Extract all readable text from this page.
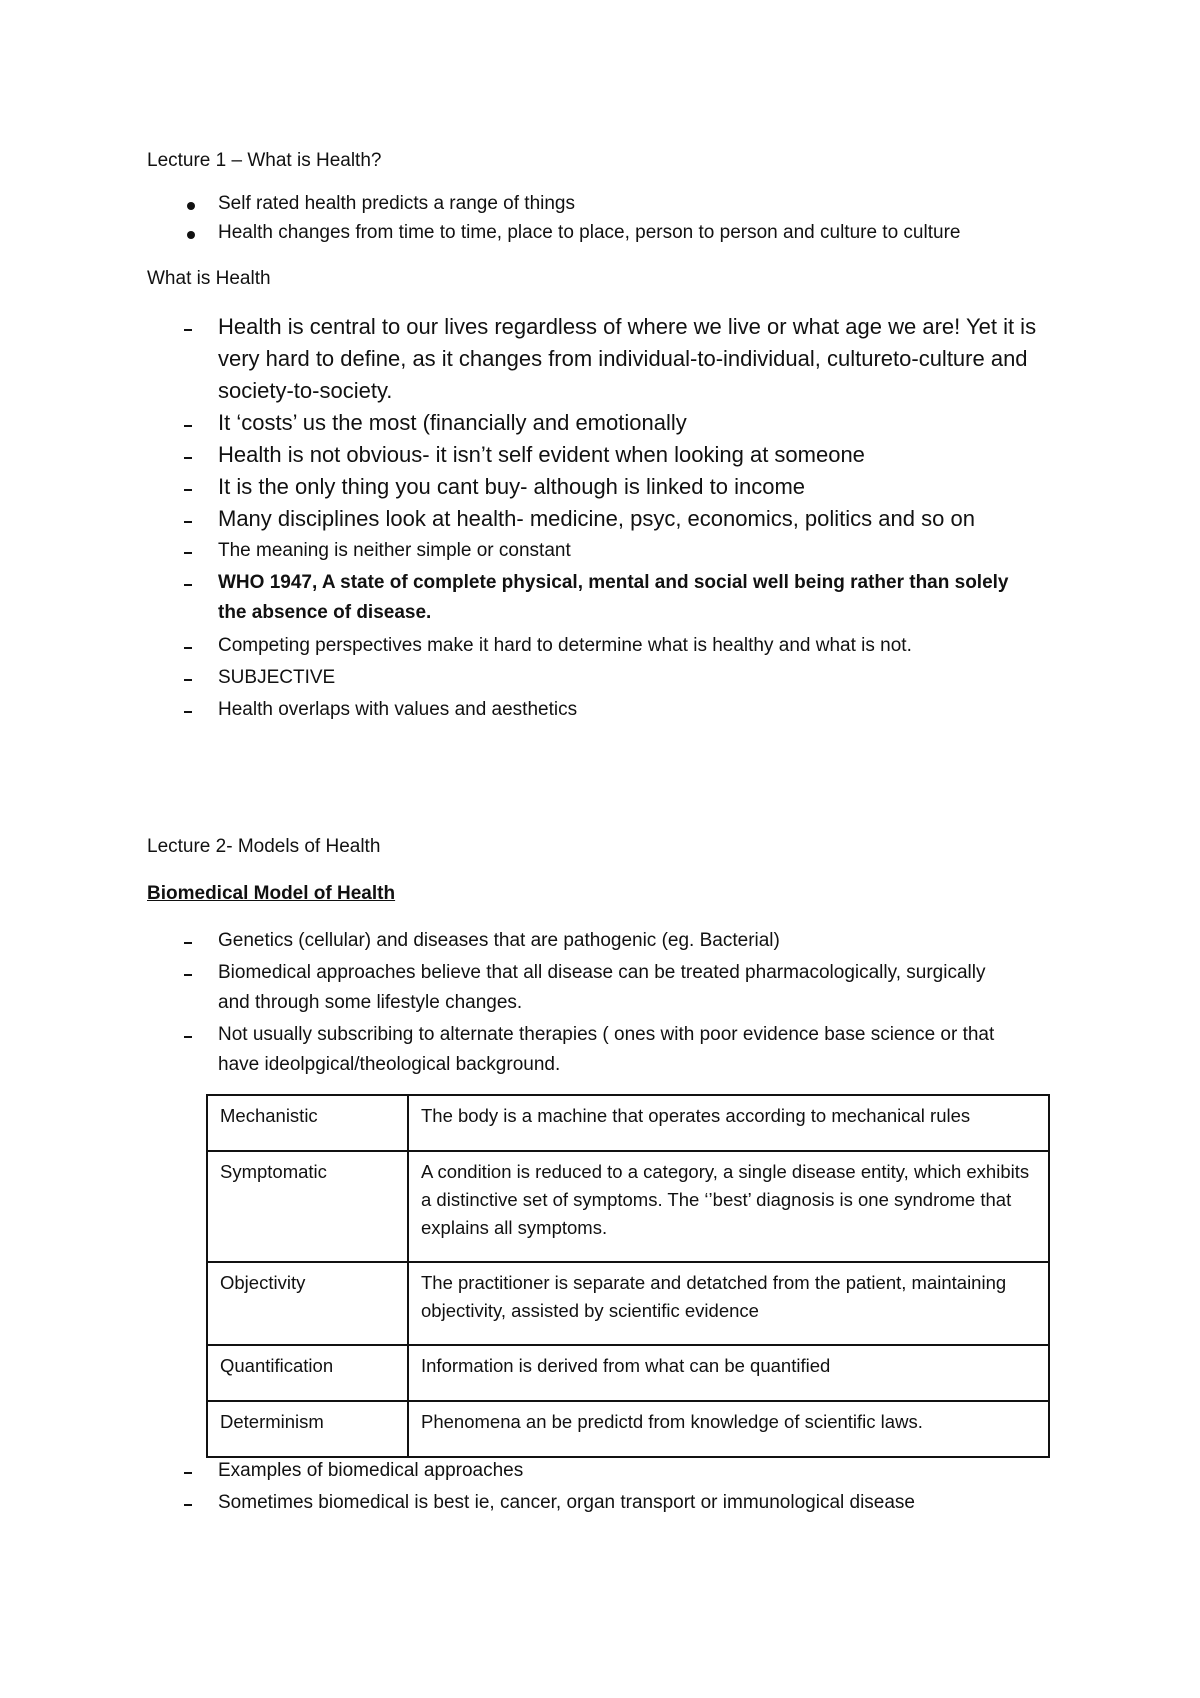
Lecture 1 – What is Health?
Self rated health predicts a range of things
Health changes from time to time, place to place, person to person and culture to culture
What is Health
Health is central to our lives regardless of where we live or what age we are! Yet it is
very hard to define, as it changes from individual-to-individual, cultureto-culture and
society-to-society.
It ‘costs’ us the most (financially and emotionally
Health is not obvious- it isn’t self evident when looking at someone
It is the only thing you cant buy- although is linked to income
Many disciplines look at health- medicine, psyc, economics, politics and so on
The meaning is neither simple or constant
WHO 1947, A state of complete physical, mental and social well being rather than solely
the absence of disease.
Competing perspectives make it hard to determine what is healthy and what is not.
SUBJECTIVE
Health overlaps with values and aesthetics
Lecture 2- Models of Health
Biomedical Model of Health
Genetics (cellular) and diseases that are pathogenic (eg. Bacterial)
Biomedical approaches believe that all disease can be treated pharmacologically, surgically
and through some lifestyle changes.
Not usually subscribing to alternate therapies ( ones with poor evidence base science or that
have ideolpgical/theological background.
Mechanistic	The body is a machine that operates according to mechanical rules
Symptomatic	A condition is reduced to a category, a single disease entity, which exhibits a distinctive set of symptoms. The ‘’best’ diagnosis is one syndrome that explains all symptoms.
Objectivity	The practitioner is separate and detatched from the patient, maintaining objectivity, assisted by scientific evidence
Quantification	Information is derived from what can be quantified
Determinism	Phenomena an be predictd from knowledge of scientific laws.
Examples of biomedical approaches
Sometimes biomedical is best ie, cancer, organ transport or immunological disease
